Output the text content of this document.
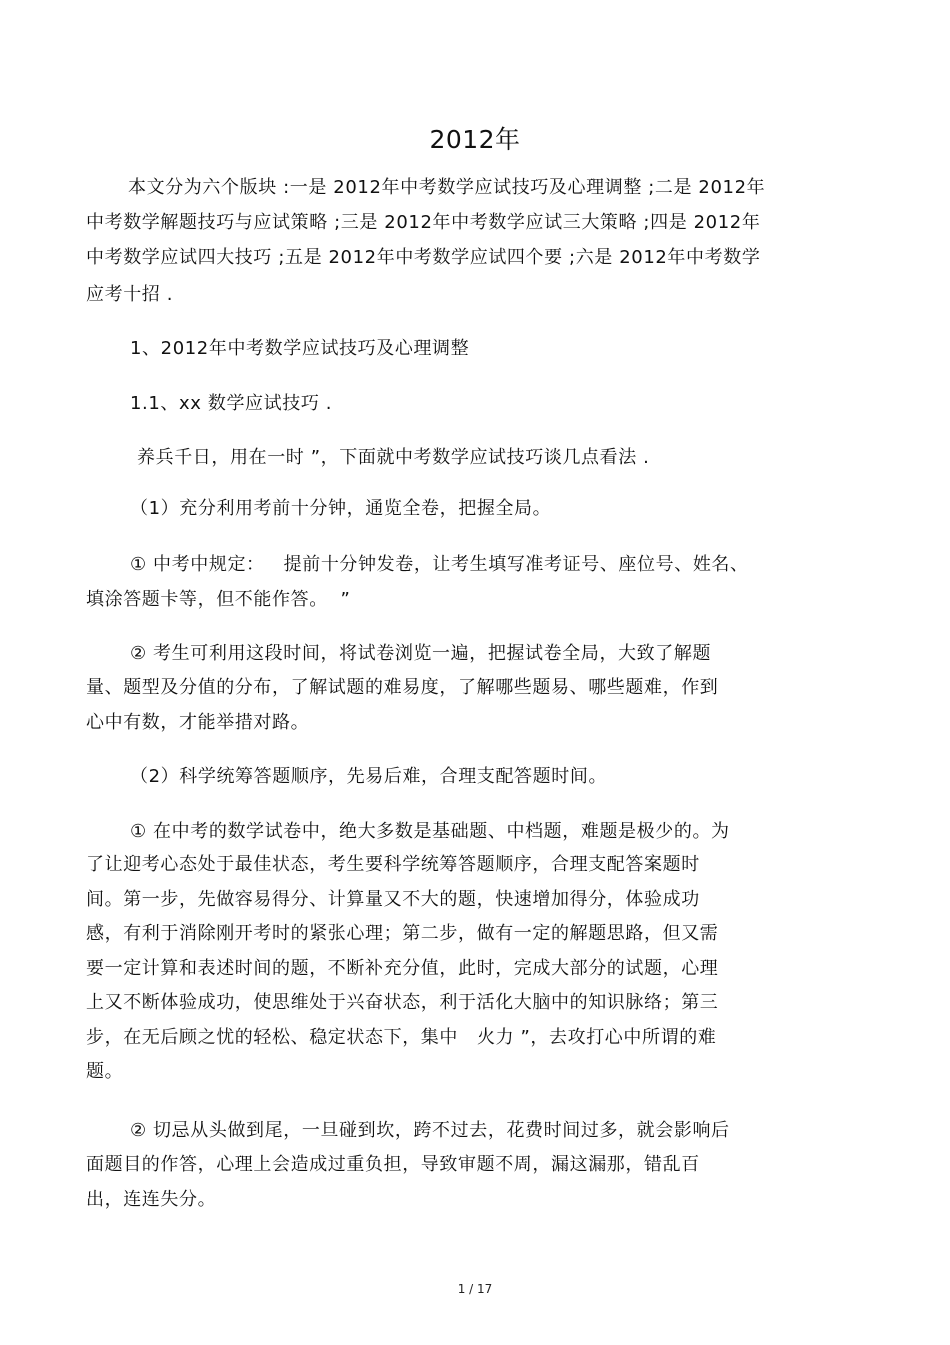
2012年
本文分为六个版块 :一是 2012年中考数学应试技巧及心理调整 ;二是 2012年
中考数学解题技巧与应试策略 ;三是 2012年中考数学应试三大策略 ;四是 2012年
中考数学应试四大技巧 ;五是 2012年中考数学应试四个要 ;六是 2012年中考数学
应考十招 .
1、2012年中考数学应试技巧及心理调整
1.1、xx 数学应试技巧 .
养兵千日，用在一时 ”，下面就中考数学应试技巧谈几点看法 .
（1）充分利用考前十分钟，通览全卷，把握全局。
① 中考中规定：   提前十分钟发卷，让考生填写准考证号、座位号、姓名、
填涂答题卡等，但不能作答。  ”
② 考生可利用这段时间，将试卷浏览一遍，把握试卷全局，大致了解题
量、题型及分值的分布，了解试题的难易度，了解哪些题易、哪些题难，作到
心中有数，才能举措对路。
（2）科学统筹答题顺序，先易后难，合理支配答题时间。
① 在中考的数学试卷中，绝大多数是基础题、中档题，难题是极少的。为
了让迎考心态处于最佳状态，考生要科学统筹答题顺序，合理支配答案题时
间。第一步，先做容易得分、计算量又不大的题，快速增加得分，体验成功
感，有利于消除刚开考时的紧张心理；第二步，做有一定的解题思路，但又需
要一定计算和表述时间的题，不断补充分值，此时，完成大部分的试题，心理
上又不断体验成功，使思维处于兴奋状态，利于活化大脑中的知识脉络；第三
步，在无后顾之忧的轻松、稳定状态下，集中   火力 ”，去攻打心中所谓的难
题。
② 切忌从头做到尾，一旦碰到坎，跨不过去，花费时间过多，就会影响后
面题目的作答，心理上会造成过重负担，导致审题不周，漏这漏那，错乱百
出，连连失分。
1 / 17
